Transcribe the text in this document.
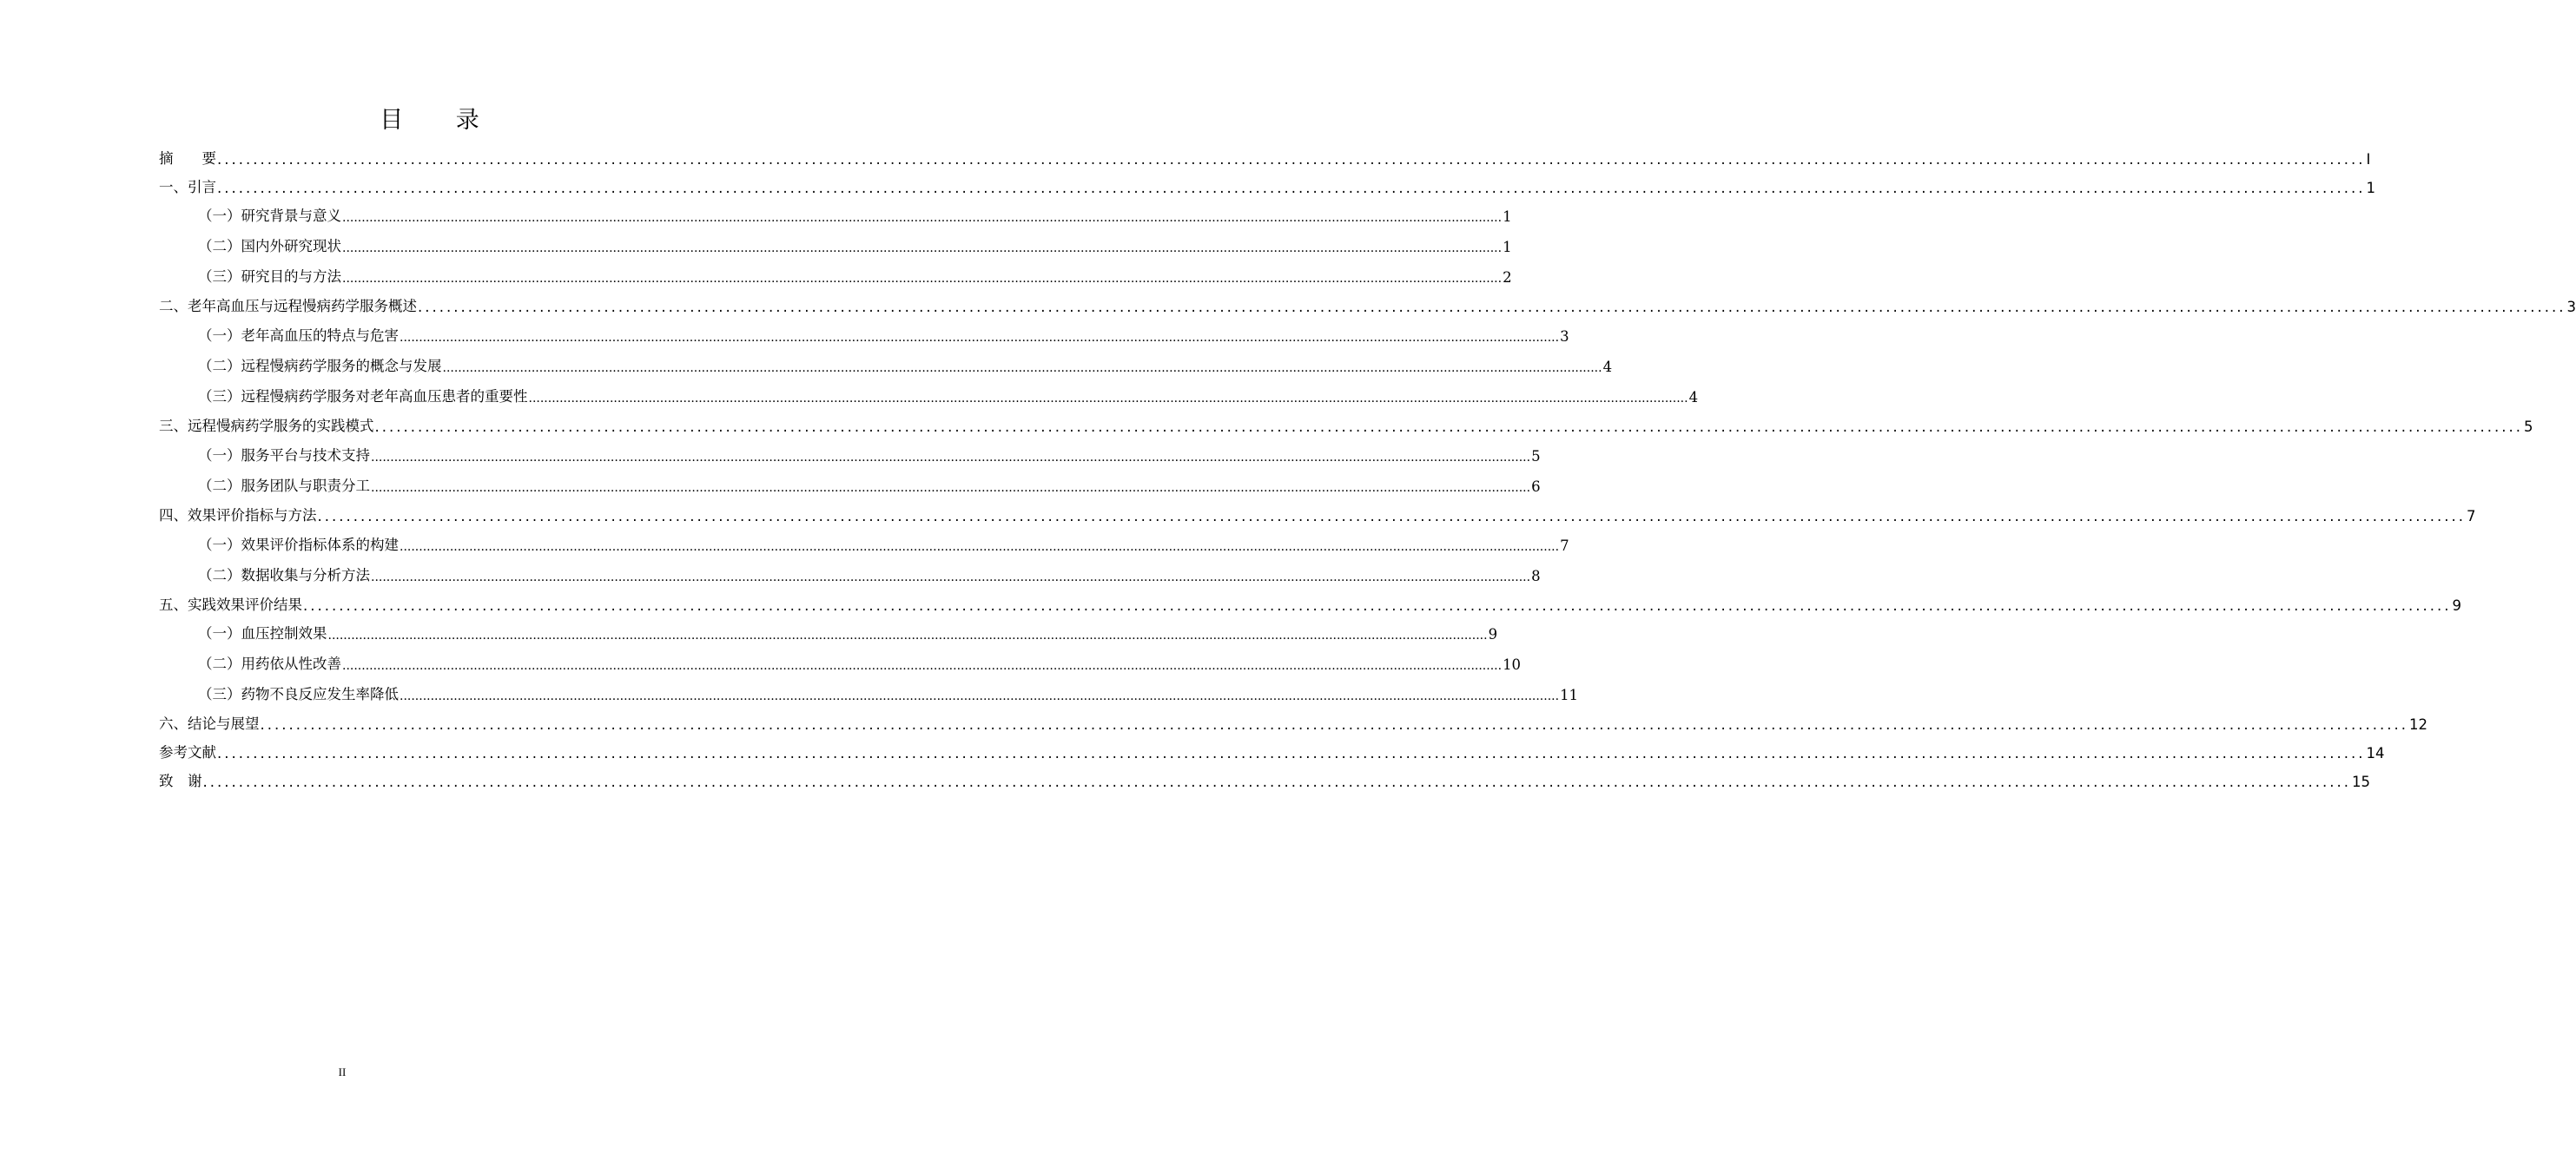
目 录
摘　　要 ............................................................................................................................................................................................................................................................................................................ I
一、引言 ............................................................................................................................................................................................................................................................................................................ 1
（一）研究背景与意义 ............................................................................................................................................................................................................................................................................................................ 1
（二）国内外研究现状 ............................................................................................................................................................................................................................................................................................................ 1
（三）研究目的与方法 ............................................................................................................................................................................................................................................................................................................ 2
二、老年高血压与远程慢病药学服务概述 ............................................................................................................................................................................................................................................................................................................ 3
（一）老年高血压的特点与危害 ............................................................................................................................................................................................................................................................................................................ 3
（二）远程慢病药学服务的概念与发展 ............................................................................................................................................................................................................................................................................................................ 4
（三）远程慢病药学服务对老年高血压患者的重要性 ............................................................................................................................................................................................................................................................................................................ 4
三、远程慢病药学服务的实践模式 ............................................................................................................................................................................................................................................................................................................ 5
（一）服务平台与技术支持 ............................................................................................................................................................................................................................................................................................................ 5
（二）服务团队与职责分工 ............................................................................................................................................................................................................................................................................................................ 6
四、效果评价指标与方法 ............................................................................................................................................................................................................................................................................................................ 7
（一）效果评价指标体系的构建 ............................................................................................................................................................................................................................................................................................................ 7
（二）数据收集与分析方法 ............................................................................................................................................................................................................................................................................................................ 8
五、实践效果评价结果 ............................................................................................................................................................................................................................................................................................................ 9
（一）血压控制效果 ............................................................................................................................................................................................................................................................................................................ 9
（二）用药依从性改善 ............................................................................................................................................................................................................................................................................................................ 10
（三）药物不良反应发生率降低 ............................................................................................................................................................................................................................................................................................................ 11
六、结论与展望 ............................................................................................................................................................................................................................................................................................................ 12
参考文献 ............................................................................................................................................................................................................................................................................................................ 14
致　谢 ............................................................................................................................................................................................................................................................................................................ 15
II
